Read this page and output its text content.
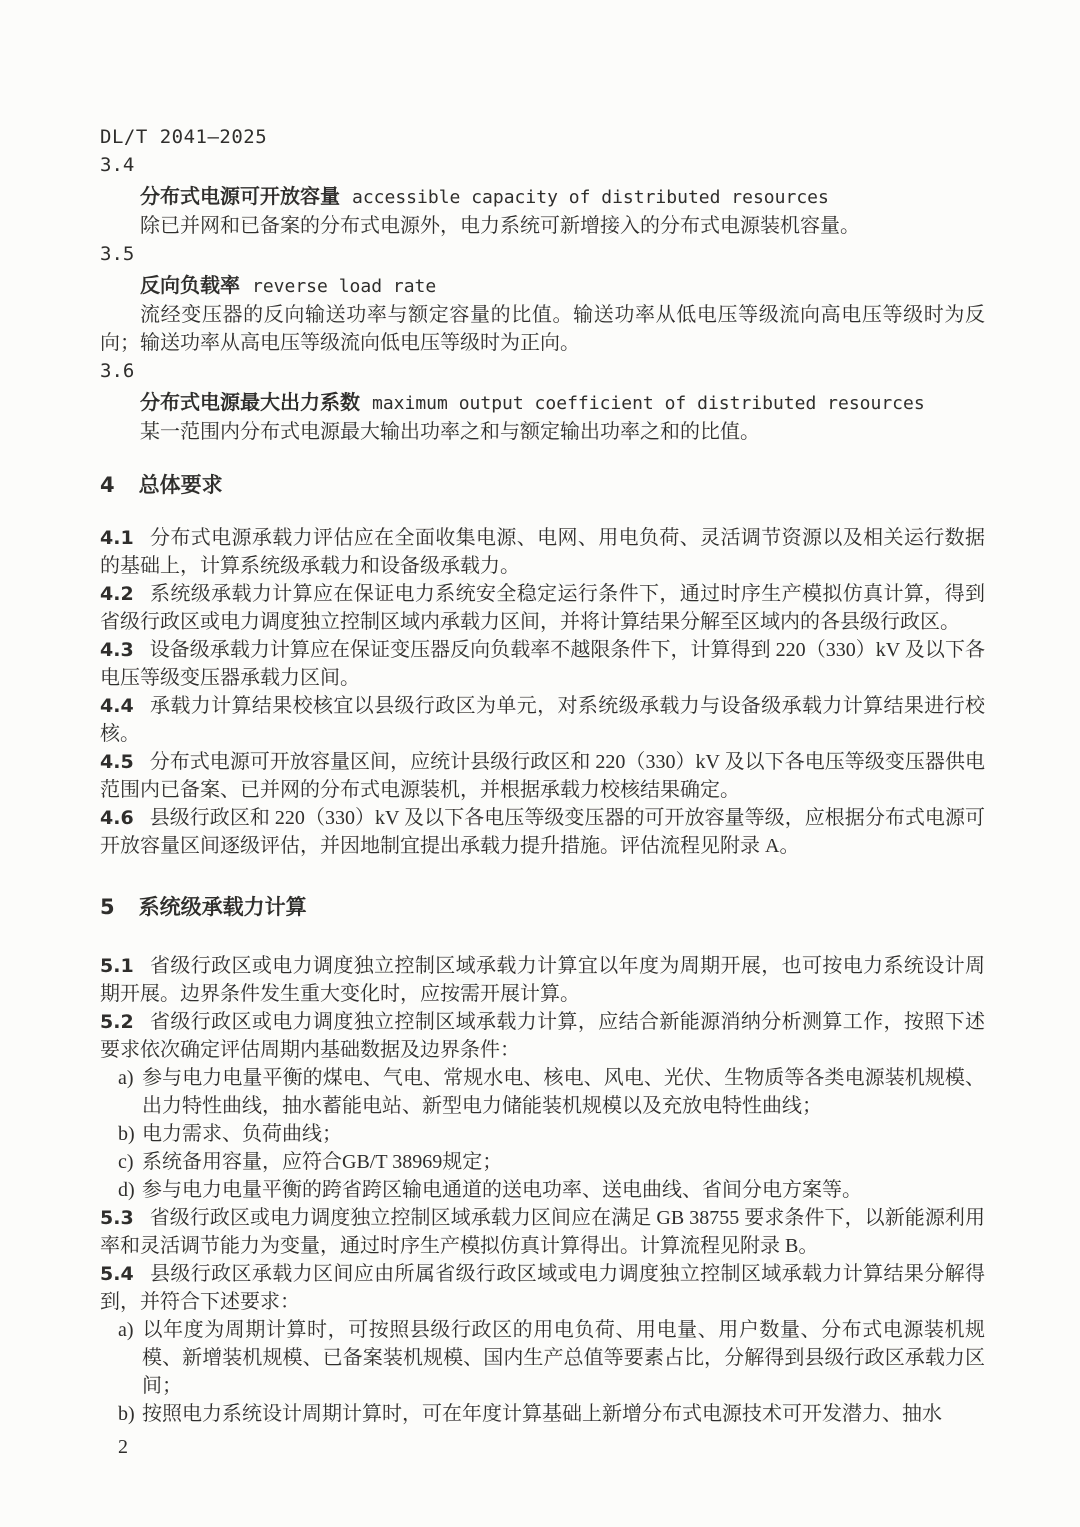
DL/T 2041—2025

3.4

分布式电源可开放容量 accessible capacity of distributed resources

除已并网和已备案的分布式电源外，电力系统可新增接入的分布式电源装机容量。

3.5

反向负载率 reverse load rate

流经变压器的反向输送功率与额定容量的比值。输送功率从低电压等级流向高电压等级时为反向；输送功率从高电压等级流向低电压等级时为正向。

3.6

分布式电源最大出力系数 maximum output coefficient of distributed resources

某一范围内分布式电源最大输出功率之和与额定输出功率之和的比值。

4 总体要求

4.1 分布式电源承载力评估应在全面收集电源、电网、用电负荷、灵活调节资源以及相关运行数据的基础上，计算系统级承载力和设备级承载力。

4.2 系统级承载力计算应在保证电力系统安全稳定运行条件下，通过时序生产模拟仿真计算，得到省级行政区或电力调度独立控制区域内承载力区间，并将计算结果分解至区域内的各县级行政区。

4.3 设备级承载力计算应在保证变压器反向负载率不越限条件下，计算得到 220（330）kV 及以下各电压等级变压器承载力区间。

4.4 承载力计算结果校核宜以县级行政区为单元，对系统级承载力与设备级承载力计算结果进行校核。

4.5 分布式电源可开放容量区间，应统计县级行政区和 220（330）kV 及以下各电压等级变压器供电范围内已备案、已并网的分布式电源装机，并根据承载力校核结果确定。

4.6 县级行政区和 220（330）kV 及以下各电压等级变压器的可开放容量等级，应根据分布式电源可开放容量区间逐级评估，并因地制宜提出承载力提升措施。评估流程见附录 A。

5 系统级承载力计算

5.1 省级行政区或电力调度独立控制区域承载力计算宜以年度为周期开展，也可按电力系统设计周期开展。边界条件发生重大变化时，应按需开展计算。

5.2 省级行政区或电力调度独立控制区域承载力计算，应结合新能源消纳分析测算工作，按照下述要求依次确定评估周期内基础数据及边界条件：

a) 参与电力电量平衡的煤电、气电、常规水电、核电、风电、光伏、生物质等各类电源装机规模、出力特性曲线，抽水蓄能电站、新型电力储能装机规模以及充放电特性曲线；

b) 电力需求、负荷曲线；

c) 系统备用容量，应符合GB/T 38969规定；

d) 参与电力电量平衡的跨省跨区输电通道的送电功率、送电曲线、省间分电方案等。

5.3 省级行政区或电力调度独立控制区域承载力区间应在满足 GB 38755 要求条件下，以新能源利用率和灵活调节能力为变量，通过时序生产模拟仿真计算得出。计算流程见附录 B。

5.4 县级行政区承载力区间应由所属省级行政区域或电力调度独立控制区域承载力计算结果分解得到，并符合下述要求：

a) 以年度为周期计算时，可按照县级行政区的用电负荷、用电量、用户数量、分布式电源装机规模、新增装机规模、已备案装机规模、国内生产总值等要素占比，分解得到县级行政区承载力区间；

b) 按照电力系统设计周期计算时，可在年度计算基础上新增分布式电源技术可开发潜力、抽水

2
